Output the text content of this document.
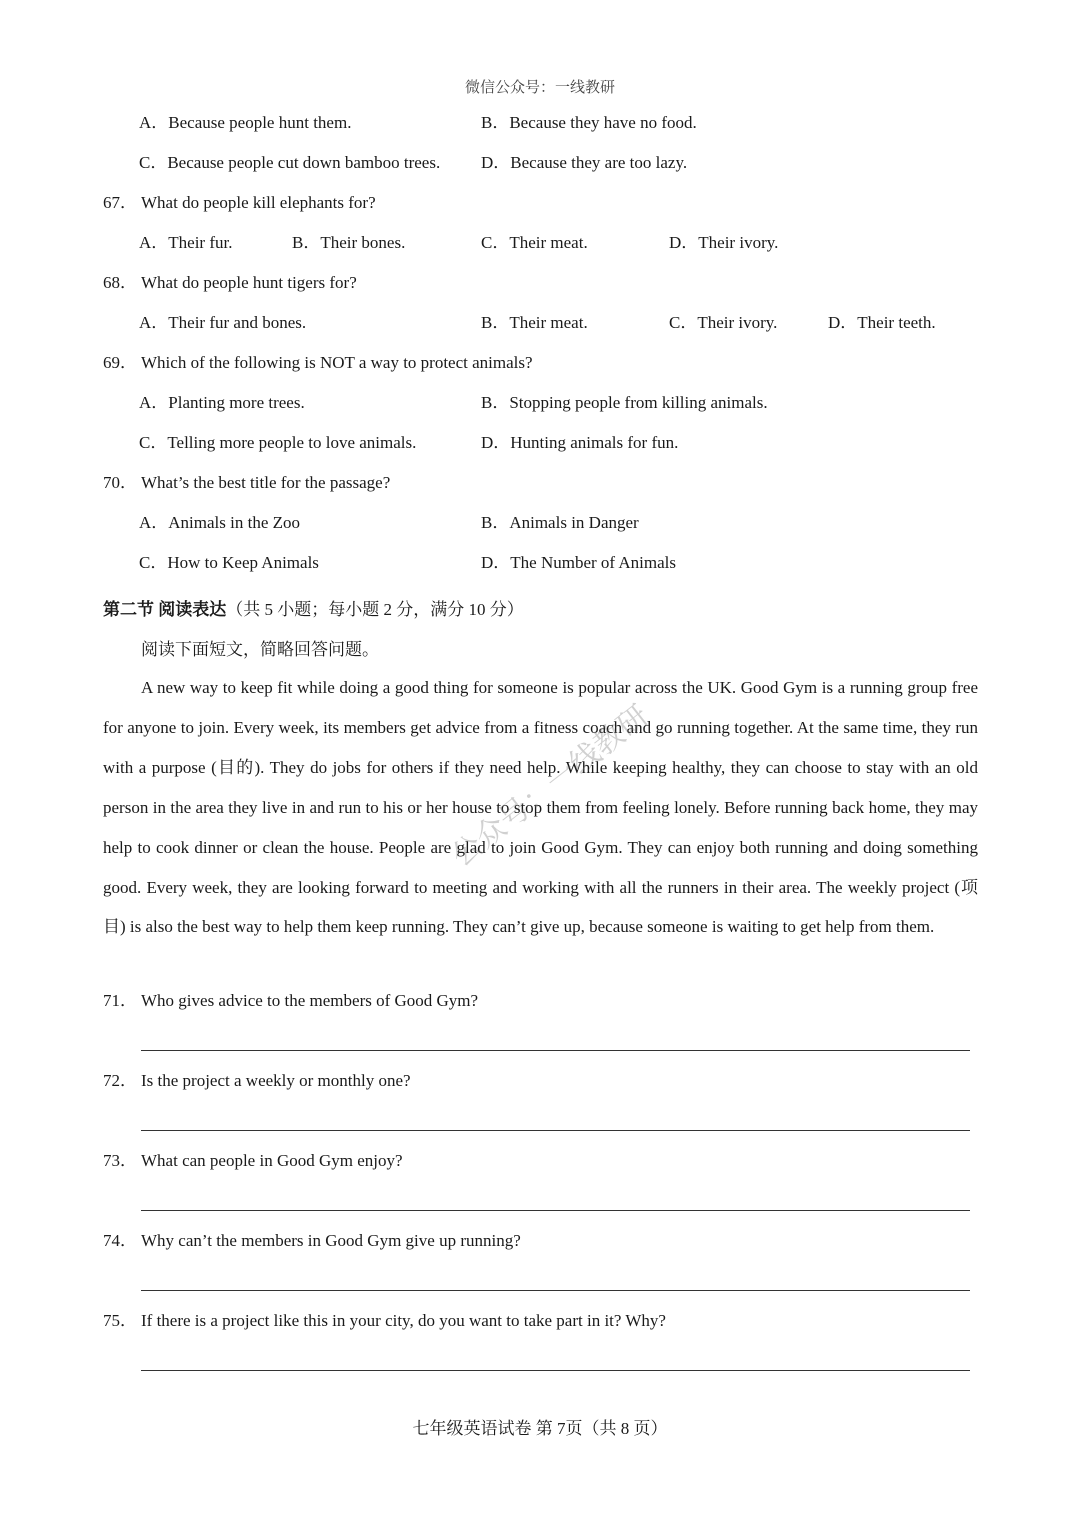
微信公众号：一线教研
A．Because people hunt them.	B．Because they have no food.
C．Because people cut down bamboo trees. D．Because they are too lazy.
67． What do people kill elephants for?
A．Their fur.	B．Their bones.	C．Their meat.	D．Their ivory.
68． What do people hunt tigers for?
A．Their fur and bones.	B．Their meat.	C．Their ivory.	D．Their teeth.
69． Which of the following is NOT a way to protect animals?
A．Planting more trees.	B．Stopping people from killing animals.
C．Telling more people to love animals.	D．Hunting animals for fun.
70． What’s the best title for the passage?
A．Animals in the Zoo	B．Animals in Danger
C．How to Keep Animals	D．The Number of Animals
第二节 阅读表达（共 5 小题；每小题 2 分，满分 10 分）
阅读下面短文，简略回答问题。

A new way to keep fit while doing a good thing for someone is popular across the UK. Good Gym is a running group free for anyone to join. Every week, its members get advice from a fitness coach and go running together. At the same time, they run with a purpose (目的). They do jobs for others if they need help. While keeping healthy, they can choose to stay with an old person in the area they live in and run to his or her house to stop them from feeling lonely. Before running back home, they may help to cook dinner or clean the house. People are glad to join Good Gym. They can enjoy both running and doing something good. Every week, they are looking forward to meeting and working with all the runners in their area. The weekly project (项目) is also the best way to help them keep running. They can’t give up, because someone is waiting to get help from them.

71． Who gives advice to the members of Good Gym?
72． Is the project a weekly or monthly one?
73． What can people in Good Gym enjoy?
74． Why can’t the members in Good Gym give up running?
75． If there is a project like this in your city, do you want to take part in it? Why?
七年级英语试卷 第 7页（共 8 页）
公众号：一线教研
